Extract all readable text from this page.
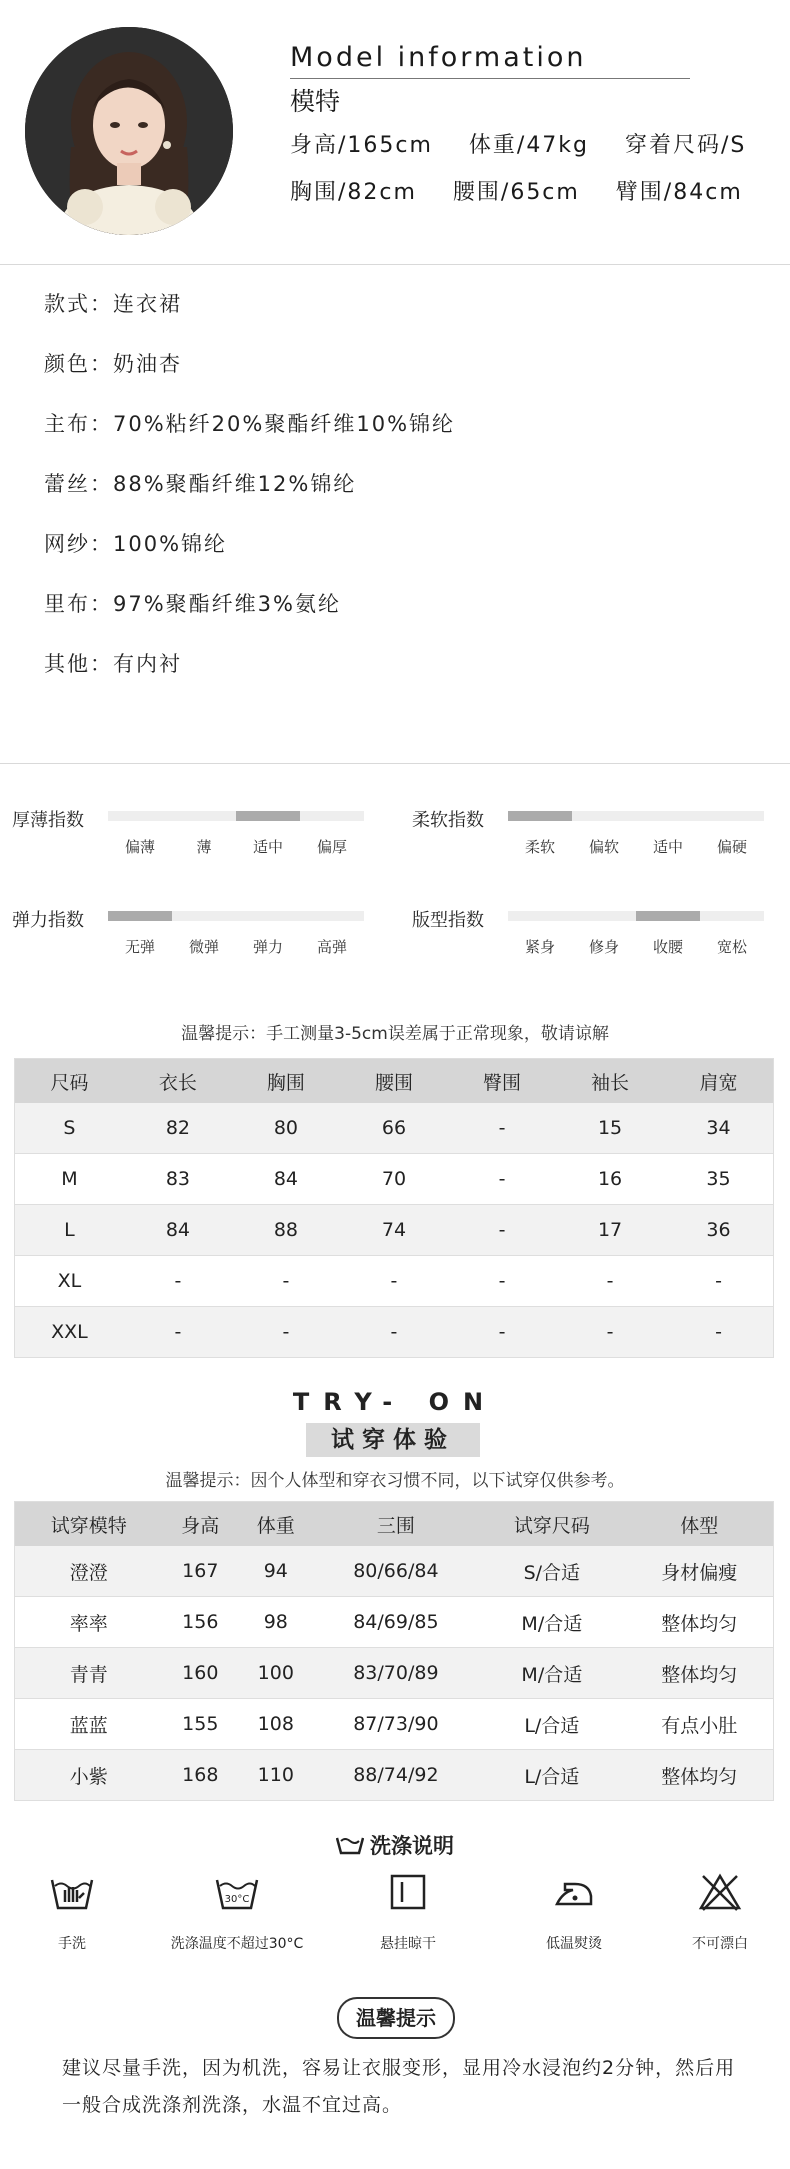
Model information
模特
身高/165cm    体重/47kg    穿着尺码/S
胸围/82cm    腰围/65cm    臂围/84cm
款式：连衣裙
颜色：奶油杏
主布：70%粘纤20%聚酯纤维10%锦纶
蕾丝：88%聚酯纤维12%锦纶
网纱：100%锦纶
里布：97%聚酯纤维3%氨纶
其他：有内衬
厚薄指数
偏薄	薄	适中	偏厚
柔软指数
柔软	偏软	适中	偏硬
弹力指数
无弹	微弹	弹力	高弹
版型指数
紧身	修身	收腰	宽松
温馨提示：手工测量3-5cm误差属于正常现象，敬请谅解
尺码	衣长	胸围	腰围	臀围	袖长	肩宽
S	82	80	66	-	15	34
M	83	84	70	-	16	35
L	84	88	74	-	17	36
XL	-	-	-	-	-	-
XXL	-	-	-	-	-	-
TRY- ON
试穿体验
温馨提示：因个人体型和穿衣习惯不同，以下试穿仅供参考。
试穿模特	身高	体重	三围	试穿尺码	体型
澄澄	167	94	80/66/84	S/合适	身材偏瘦
率率	156	98	84/69/85	M/合适	整体均匀
青青	160	100	83/70/89	M/合适	整体均匀
蓝蓝	155	108	87/73/90	L/合适	有点小肚
小紫	168	110	88/74/92	L/合适	整体均匀
洗涤说明
30°C
手洗	洗涤温度不超过30°C	悬挂晾干	低温熨烫	不可漂白
温馨提示
建议尽量手洗，因为机洗，容易让衣服变形，显用冷水浸泡约2分钟，然后用一般合成洗涤剂洗涤，水温不宜过高。
